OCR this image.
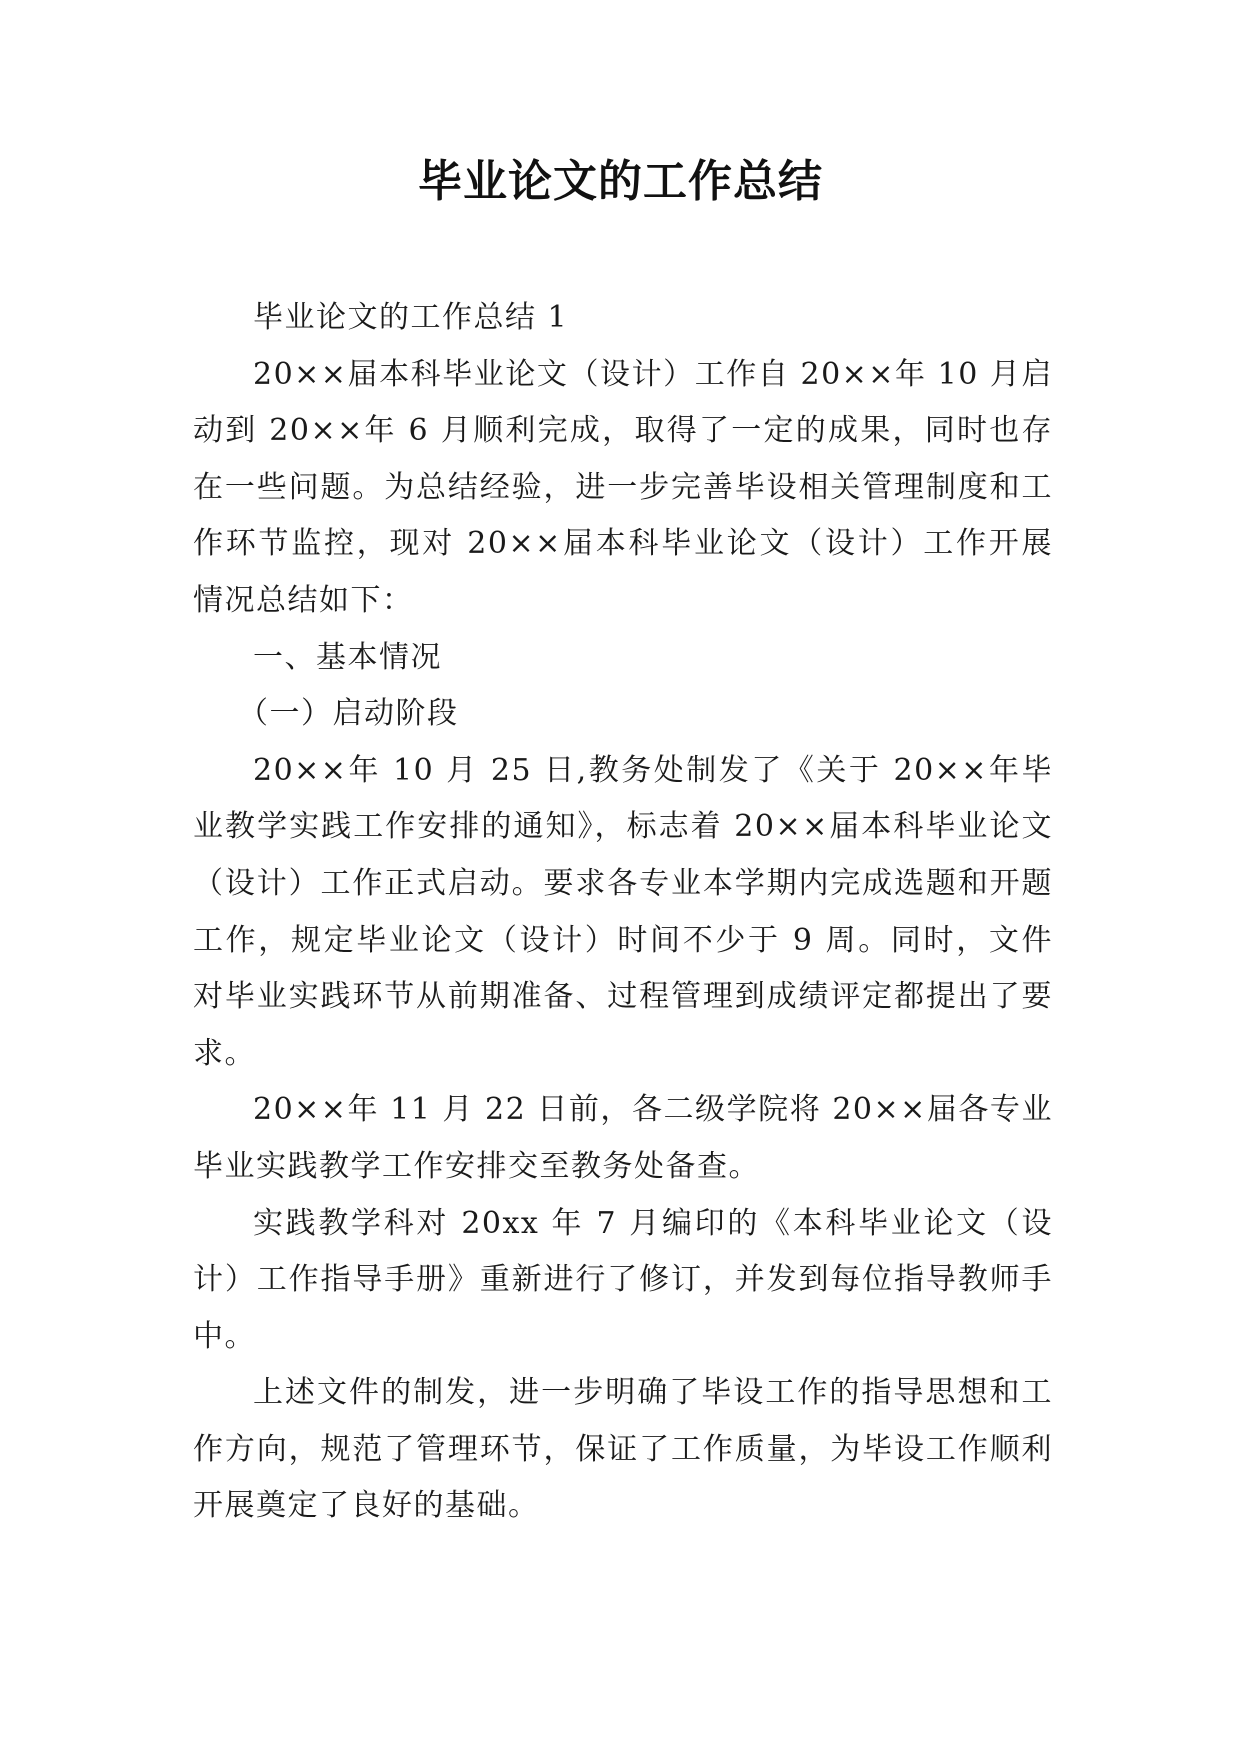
毕业论文的工作总结

毕业论文的工作总结 1

20××届本科毕业论文（设计）工作自 20××年 10 月启动到 20××年 6 月顺利完成，取得了一定的成果，同时也存在一些问题。为总结经验，进一步完善毕设相关管理制度和工作环节监控，现对 20××届本科毕业论文（设计）工作开展情况总结如下：

一、基本情况

（一）启动阶段

20××年 10 月 25 日,教务处制发了《关于 20××年毕业教学实践工作安排的通知》，标志着 20××届本科毕业论文（设计）工作正式启动。要求各专业本学期内完成选题和开题工作，规定毕业论文（设计）时间不少于 9 周。同时，文件对毕业实践环节从前期准备、过程管理到成绩评定都提出了要求。

20××年 11 月 22 日前，各二级学院将 20××届各专业毕业实践教学工作安排交至教务处备查。

实践教学科对 20xx 年 7 月编印的《本科毕业论文（设计）工作指导手册》重新进行了修订，并发到每位指导教师手中。

上述文件的制发，进一步明确了毕设工作的指导思想和工作方向，规范了管理环节，保证了工作质量，为毕设工作顺利开展奠定了良好的基础。
